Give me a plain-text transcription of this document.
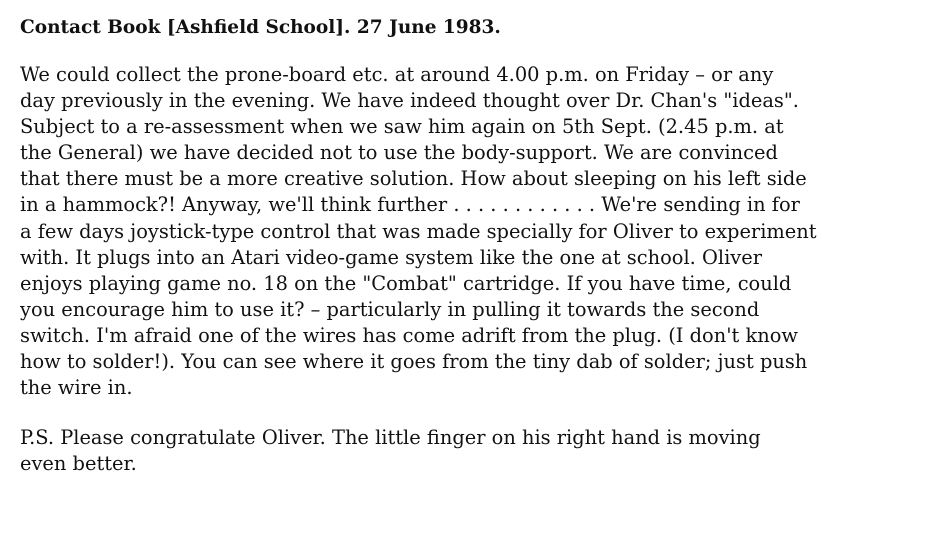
Contact Book [Ashfield School]. 27 June 1983.

We could collect the prone-board etc. at around 4.00 p.m. on Friday – or any
day previously in the evening. We have indeed thought over Dr. Chan's "ideas".
Subject to a re-assessment when we saw him again on 5th Sept. (2.45 p.m. at
the General) we have decided not to use the body-support. We are convinced
that there must be a more creative solution. How about sleeping on his left side
in a hammock?! Anyway, we'll think further . . . . . . . . . . . . We're sending in for
a few days joystick-type control that was made specially for Oliver to experiment
with. It plugs into an Atari video-game system like the one at school. Oliver
enjoys playing game no. 18 on the "Combat" cartridge. If you have time, could
you encourage him to use it? – particularly in pulling it towards the second
switch. I'm afraid one of the wires has come adrift from the plug. (I don't know
how to solder!). You can see where it goes from the tiny dab of solder; just push
the wire in.

P.S. Please congratulate Oliver. The little finger on his right hand is moving
even better.
